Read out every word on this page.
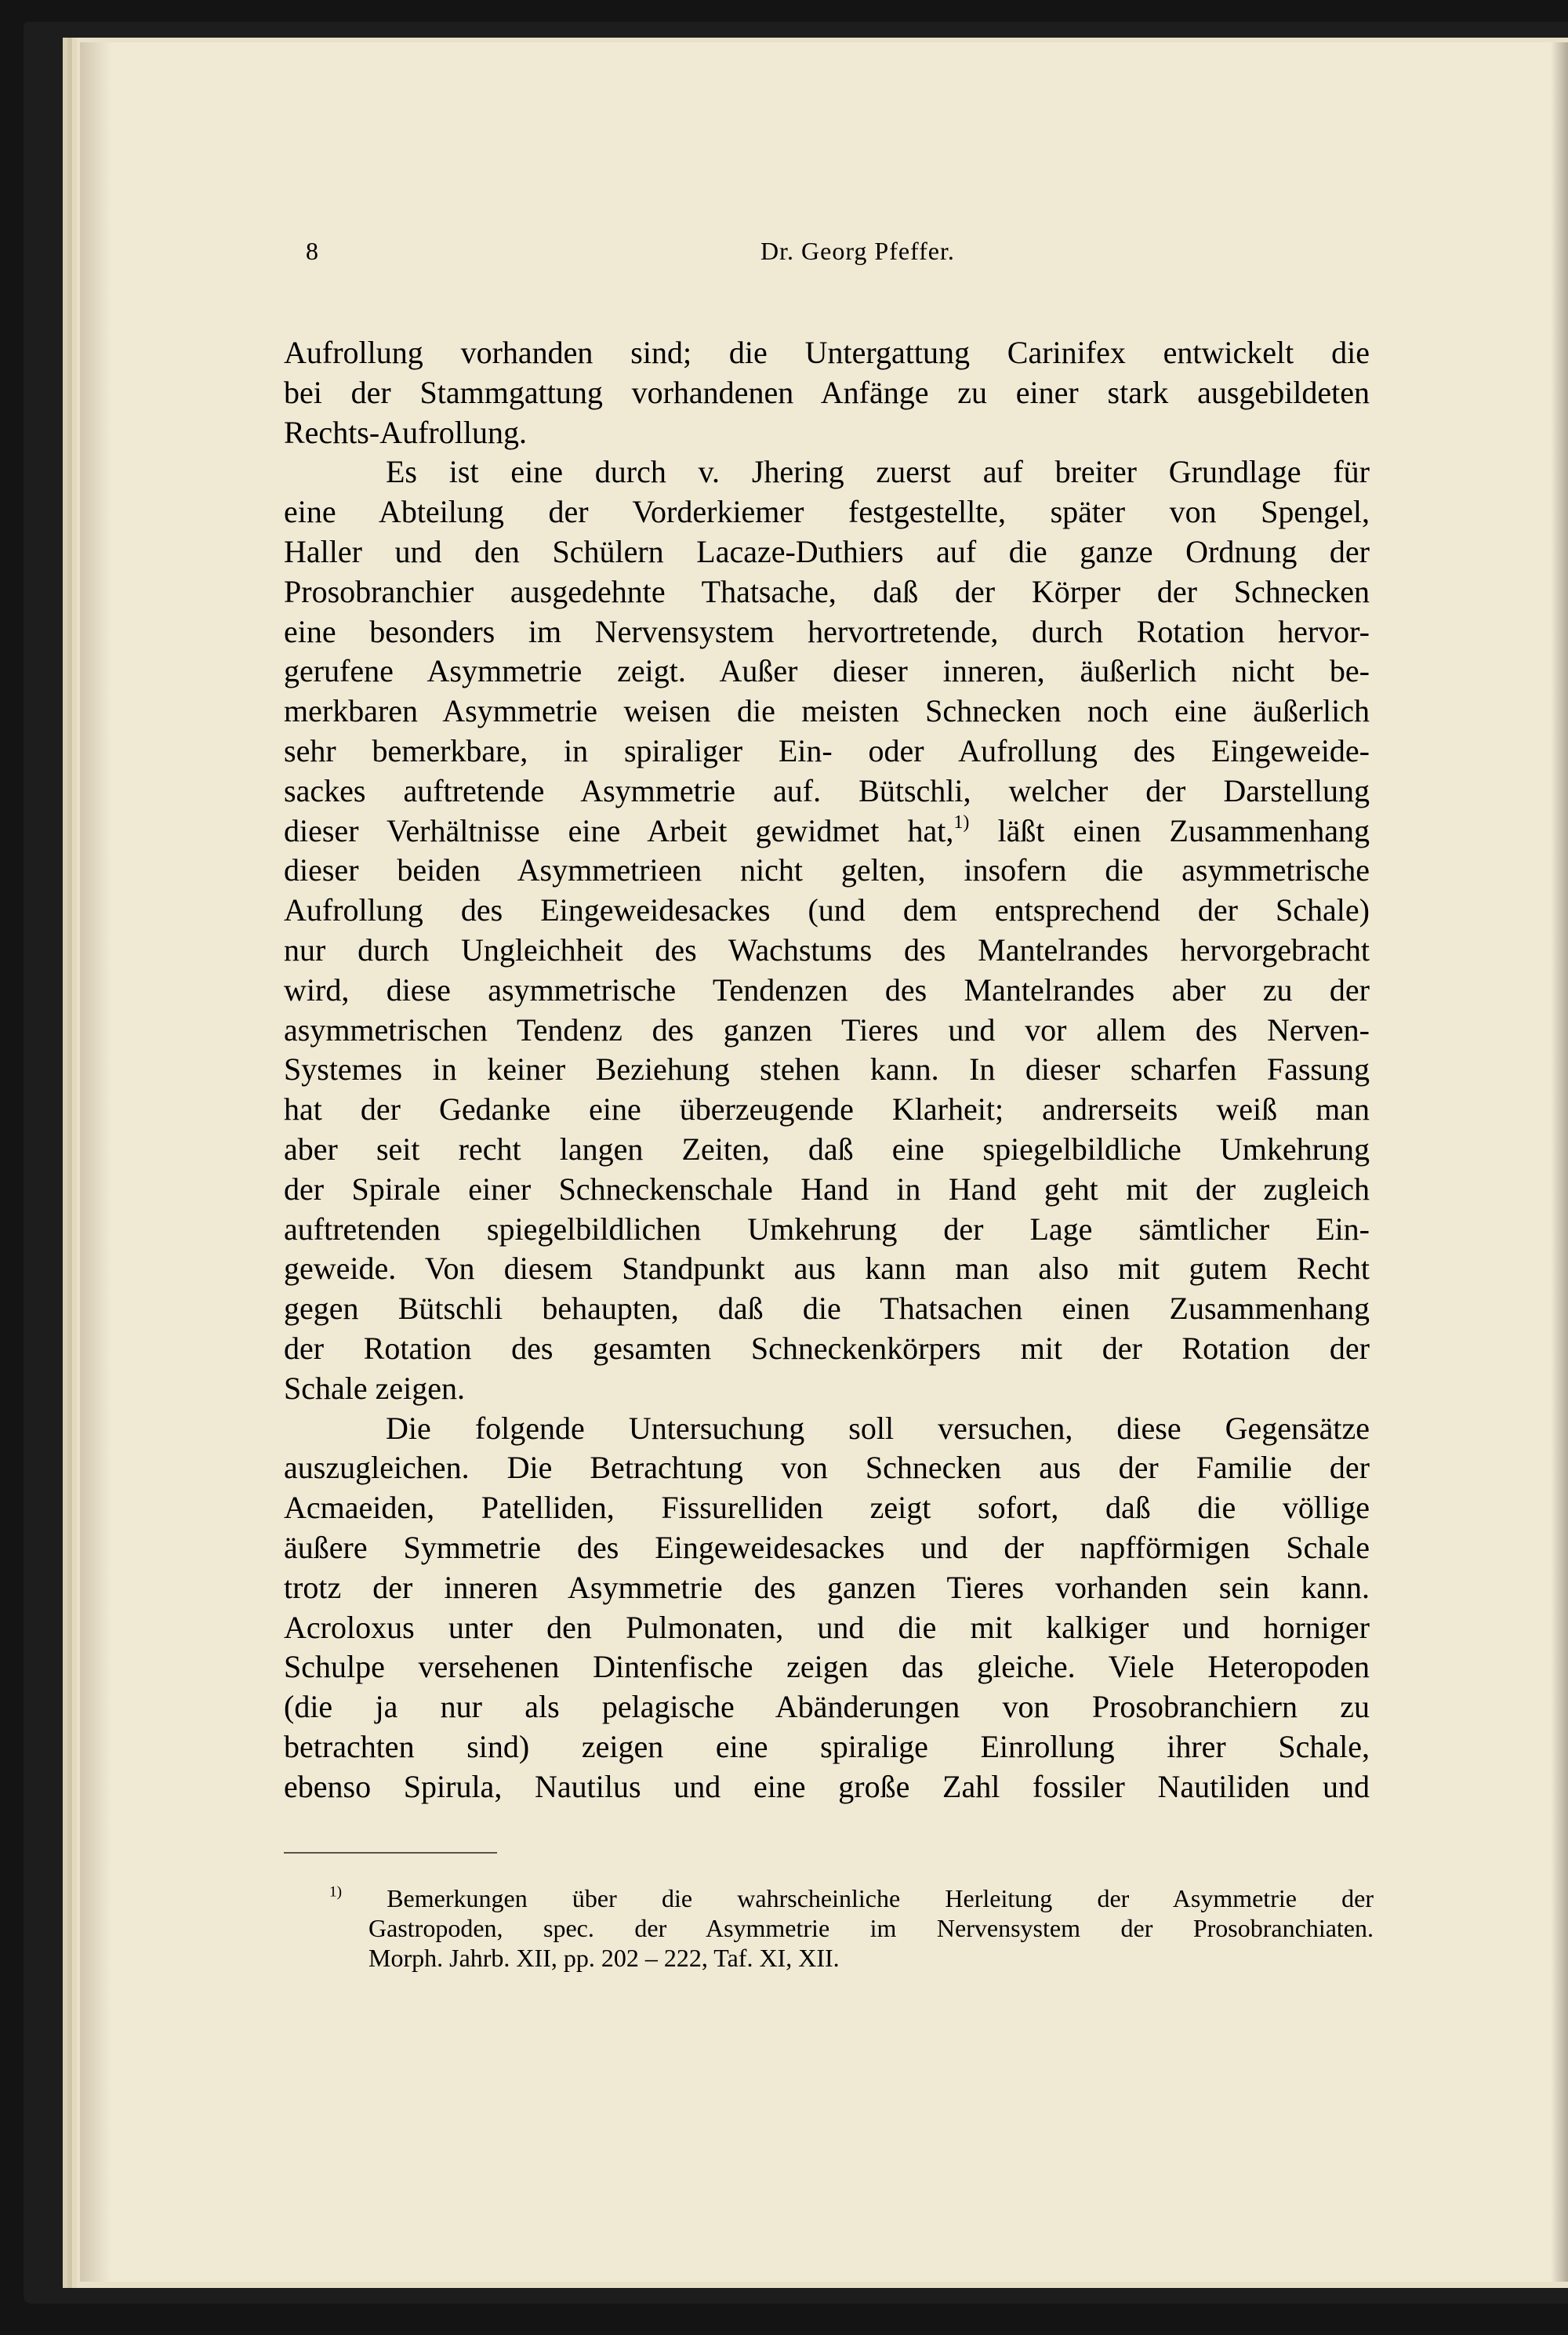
8	Dr. Georg Pfeffer.
Aufrollung vorhanden sind; die Untergattung Carinifex entwickelt die
bei der Stammgattung vorhandenen Anfänge zu einer stark ausgebildeten
Rechts-Aufrollung.
Es ist eine durch v. Jhering zuerst auf breiter Grundlage für
eine Abteilung der Vorderkiemer festgestellte, später von Spengel,
Haller und den Schülern Lacaze-Duthiers auf die ganze Ordnung der
Prosobranchier ausgedehnte Thatsache, daß der Körper der Schnecken
eine besonders im Nervensystem hervortretende, durch Rotation hervor-
gerufene Asymmetrie zeigt. Außer dieser inneren, äußerlich nicht be-
merkbaren Asymmetrie weisen die meisten Schnecken noch eine äußerlich
sehr bemerkbare, in spiraliger Ein- oder Aufrollung des Eingeweide-
sackes auftretende Asymmetrie auf. Bütschli, welcher der Darstellung
dieser Verhältnisse eine Arbeit gewidmet hat,$^{1)}$ läßt einen Zusammenhang
dieser beiden Asymmetrieen nicht gelten, insofern die asymmetrische
Aufrollung des Eingeweidesackes (und dem entsprechend der Schale)
nur durch Ungleichheit des Wachstums des Mantelrandes hervorgebracht
wird, diese asymmetrische Tendenzen des Mantelrandes aber zu der
asymmetrischen Tendenz des ganzen Tieres und vor allem des Nerven-
Systemes in keiner Beziehung stehen kann. In dieser scharfen Fassung
hat der Gedanke eine überzeugende Klarheit; andrerseits weiß man
aber seit recht langen Zeiten, daß eine spiegelbildliche Umkehrung
der Spirale einer Schneckenschale Hand in Hand geht mit der zugleich
auftretenden spiegelbildlichen Umkehrung der Lage sämtlicher Ein-
geweide. Von diesem Standpunkt aus kann man also mit gutem Recht
gegen Bütschli behaupten, daß die Thatsachen einen Zusammenhang
der Rotation des gesamten Schneckenkörpers mit der Rotation der
Schale zeigen.
Die folgende Untersuchung soll versuchen, diese Gegensätze
auszugleichen. Die Betrachtung von Schnecken aus der Familie der
Acmaeiden, Patelliden, Fissurelliden zeigt sofort, daß die völlige
äußere Symmetrie des Eingeweidesackes und der napfförmigen Schale
trotz der inneren Asymmetrie des ganzen Tieres vorhanden sein kann.
Acroloxus unter den Pulmonaten, und die mit kalkiger und horniger
Schulpe versehenen Dintenfische zeigen das gleiche. Viele Heteropoden
(die ja nur als pelagische Abänderungen von Prosobranchiern zu
betrachten sind) zeigen eine spiralige Einrollung ihrer Schale,
ebenso Spirula, Nautilus und eine große Zahl fossiler Nautiliden und
$^{1)}$ Bemerkungen über die wahrscheinliche Herleitung der Asymmetrie der
Gastropoden, spec. der Asymmetrie im Nervensystem der Prosobranchiaten.
Morph. Jahrb. XII, pp. 202 – 222, Taf. XI, XII.
